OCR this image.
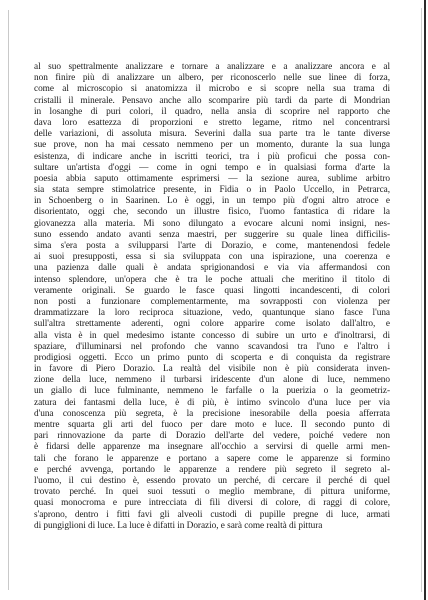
al suo spettralmente analizzare e tornare a analizzare e a analizzare ancora e al
non finire più di analizzare un albero, per riconoscerlo nelle sue linee di forza,
come al microscopio si anatomizza il microbo e si scopre nella sua trama di
cristalli il minerale. Pensavo anche allo scomparire più tardi da parte di Mondrian
in losanghe di puri colori, il quadro, nella ansia di scoprire nel rapporto che
dava loro esattezza di proporzioni e stretto legame, ritmo nel concentrarsi
delle variazioni, di assoluta misura. Severini dalla sua parte tra le tante diverse
sue prove, non ha mai cessato nemmeno per un momento, durante la sua lunga
esistenza, di indicare anche in iscritti teorici, tra i più proficui che possa con-
sultare un'artista d'oggi — come in ogni tempo e in qualsiasi forma d'arte la
poesia abbia saputo ottimamente esprimersi — la sezione aurea, sublime arbitro
sia stata sempre stimolatrice presente, in Fidia o in Paolo Uccello, in Petrarca,
in Schoenberg o in Saarinen. Lo è oggi, in un tempo più d'ogni altro atroce e
disorientato, oggi che, secondo un illustre fisico, l'uomo fantastica di ridare la
giovanezza alla materia. Mi sono dilungato a evocare alcuni nomi insigni, nes-
suno essendo andato avanti senza maestri, per suggerire su quale linea difficilis-
sima s'era posta a svilupparsi l'arte di Dorazio, e come, mantenendosi fedele
ai suoi presupposti, essa si sia sviluppata con una ispirazione, una coerenza e
una pazienza dalle quali è andata sprigionandosi e via via affermandosi con
intenso splendore, un'opera che è tra le poche attuali che meritino il titolo di
veramente originali. Se guardo le fasce quasi lingotti incandescenti, di colori
non posti a funzionare complementarmente, ma sovrapposti con violenza per
drammatizzare la loro reciproca situazione, vedo, quantunque siano fasce l'una
sull'altra strettamente aderenti, ogni colore apparire come isolato dall'altro, e
alla vista è in quel medesimo istante concesso di subire un urto e d'inoltrarsi, di
spaziare, d'illuminarsi nel profondo che vanno scavandosi tra l'uno e l'altro i
prodigiosi oggetti. Ecco un primo punto di scoperta e di conquista da registrare
in favore di Piero Dorazio. La realtà del visibile non è più considerata inven-
zione della luce, nemmeno il turbarsi iridescente d'un alone di luce, nemmeno
un giallo di luce fulminante, nemmeno le farfalle o la puerizia o la geometriz-
zatura dei fantasmi della luce, è di più, è intimo svincolo d'una luce per via
d'una conoscenza più segreta, è la precisione inesorabile della poesia afferrata
mentre squarta gli arti del fuoco per dare moto e luce. Il secondo punto di
pari rinnovazione da parte di Dorazio dell'arte del vedere, poiché vedere non
è fidarsi delle apparenze ma insegnare all'occhio a servirsi di quelle armi men-
tali che forano le apparenze e portano a sapere come le apparenze si formino
e perché avvenga, portando le apparenze a rendere più segreto il segreto al-
l'uomo, il cui destino è, essendo provato un perché, di cercare il perché di quel
trovato perché. In quei suoi tessuti o meglio membrane, di pittura uniforme,
quasi monocroma e pure intrecciata di fili diversi di colore, di raggi di colore,
s'aprono, dentro i fitti favi gli alveoli custodi di pupille pregne di luce, armati
di pungiglioni di luce. La luce è difatti in Dorazio, e sarà come realtà di pittura
